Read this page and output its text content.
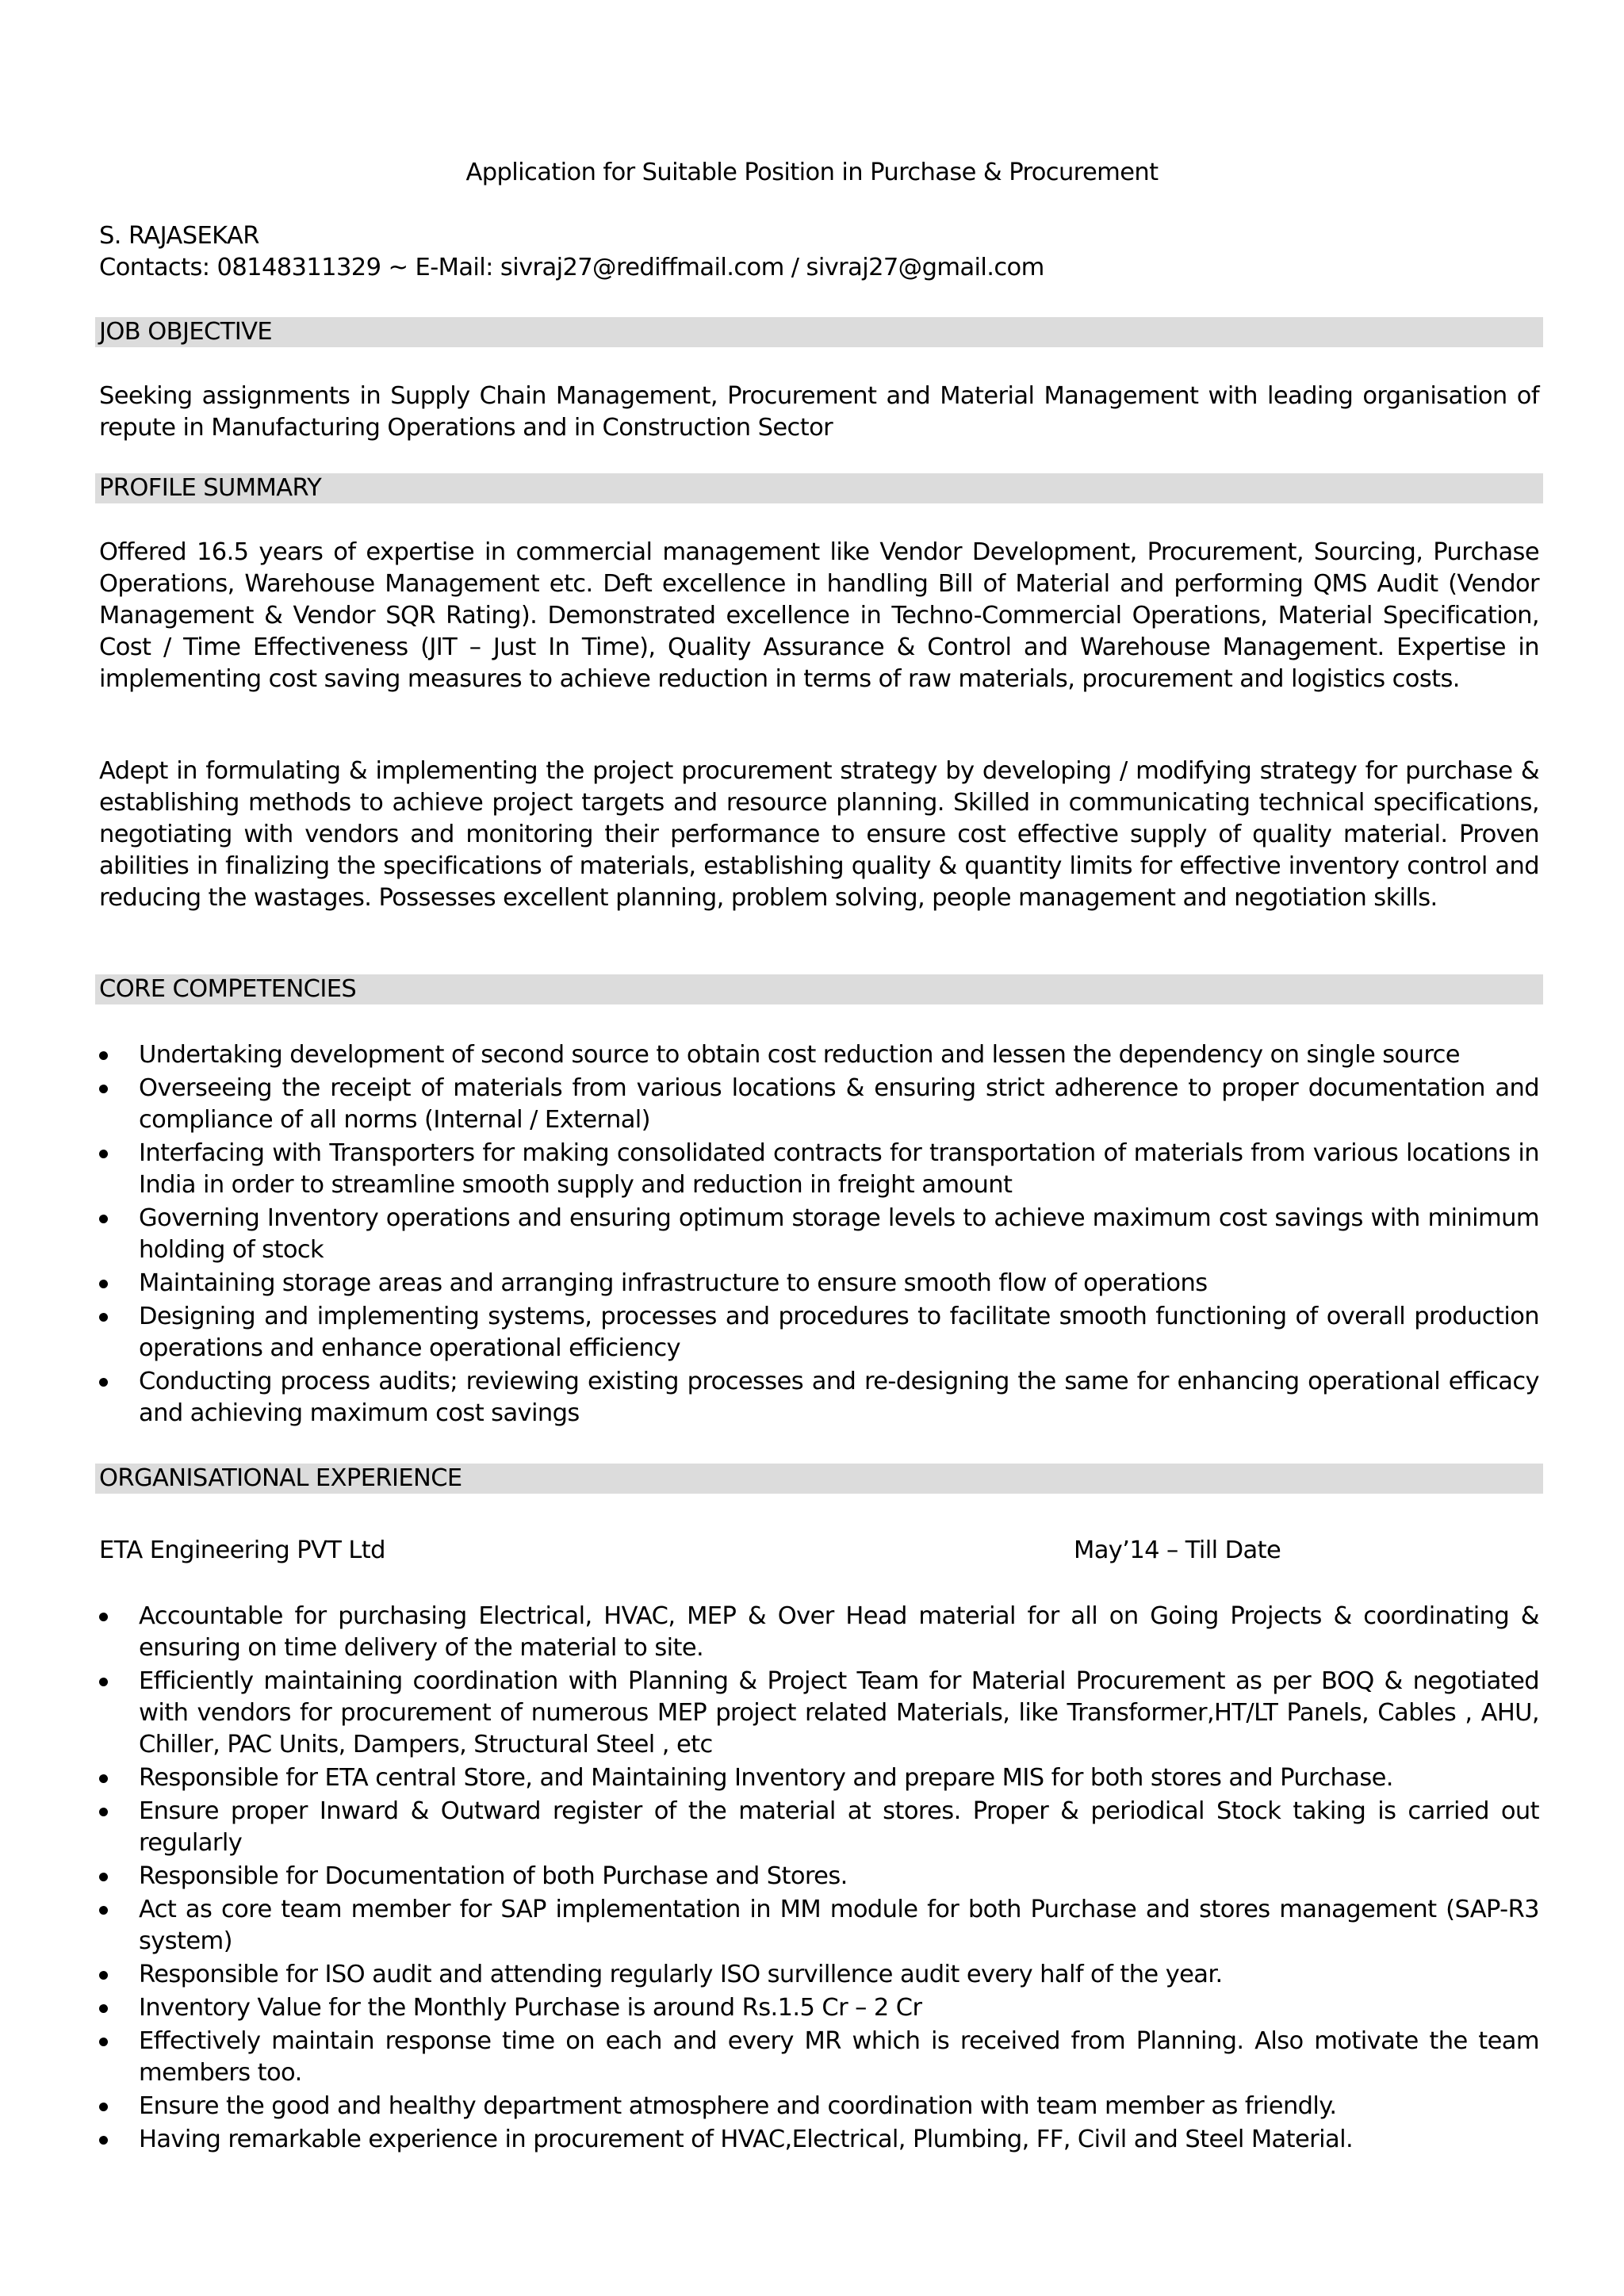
Application for Suitable Position in Purchase & Procurement
S. RAJASEKAR
Contacts: 08148311329 ~ E-Mail: sivraj27@rediffmail.com / sivraj27@gmail.com
JOB OBJECTIVE

Seeking assignments in Supply Chain Management, Procurement and Material Management with leading organisation of repute in Manufacturing Operations and in Construction Sector

PROFILE SUMMARY

Offered 16.5 years of expertise in commercial management like Vendor Development, Procurement, Sourcing, Purchase Operations, Warehouse Management etc. Deft excellence in handling Bill of Material and performing QMS Audit (Vendor Management & Vendor SQR Rating). Demonstrated excellence in Techno-Commercial Operations, Material Specification, Cost / Time Effectiveness (JIT – Just In Time), Quality Assurance & Control and Warehouse Management. Expertise in implementing cost saving measures to achieve reduction in terms of raw materials, procurement and logistics costs.

Adept in formulating & implementing the project procurement strategy by developing / modifying strategy for purchase & establishing methods to achieve project targets and resource planning. Skilled in communicating technical specifications, negotiating with vendors and monitoring their performance to ensure cost effective supply of quality material. Proven abilities in finalizing the specifications of materials, establishing quality & quantity limits for effective inventory control and reducing the wastages. Possesses excellent planning, problem solving, people management and negotiation skills.

CORE COMPETENCIES
Undertaking development of second source to obtain cost reduction and lessen the dependency on single source
Overseeing the receipt of materials from various locations & ensuring strict adherence to proper documentation and compliance of all norms (Internal / External)
Interfacing with Transporters for making consolidated contracts for transportation of materials from various locations in India in order to streamline smooth supply and reduction in freight amount
Governing Inventory operations and ensuring optimum storage levels to achieve maximum cost savings with minimum holding of stock
Maintaining storage areas and arranging infrastructure to ensure smooth flow of operations
Designing and implementing systems, processes and procedures to facilitate smooth functioning of overall production operations and enhance operational efficiency
Conducting process audits; reviewing existing processes and re-designing the same for enhancing operational efficacy and achieving maximum cost savings
ORGANISATIONAL EXPERIENCE
ETA Engineering PVT Ltd	May’14 – Till Date
Accountable for purchasing Electrical, HVAC, MEP & Over Head material for all on Going Projects & coordinating & ensuring on time delivery of the material to site.
Efficiently maintaining coordination with Planning & Project Team for Material Procurement as per BOQ & negotiated with vendors for procurement of numerous MEP project related Materials, like Transformer,HT/LT Panels, Cables , AHU, Chiller, PAC Units, Dampers, Structural Steel , etc
Responsible for ETA central Store, and Maintaining Inventory and prepare MIS for both stores and Purchase.
Ensure proper Inward & Outward register of the material at stores. Proper & periodical Stock taking is carried out regularly
Responsible for Documentation of both Purchase and Stores.
Act as core team member for SAP implementation in MM module for both Purchase and stores management (SAP-R3 system)
Responsible for ISO audit and attending regularly ISO survillence audit every half of the year.
Inventory Value for the Monthly Purchase is around Rs.1.5 Cr – 2 Cr
Effectively maintain response time on each and every MR which is received from Planning. Also motivate the team members too.
Ensure the good and healthy department atmosphere and coordination with team member as friendly.
Having remarkable experience in procurement of HVAC,Electrical, Plumbing, FF, Civil and Steel Material.
